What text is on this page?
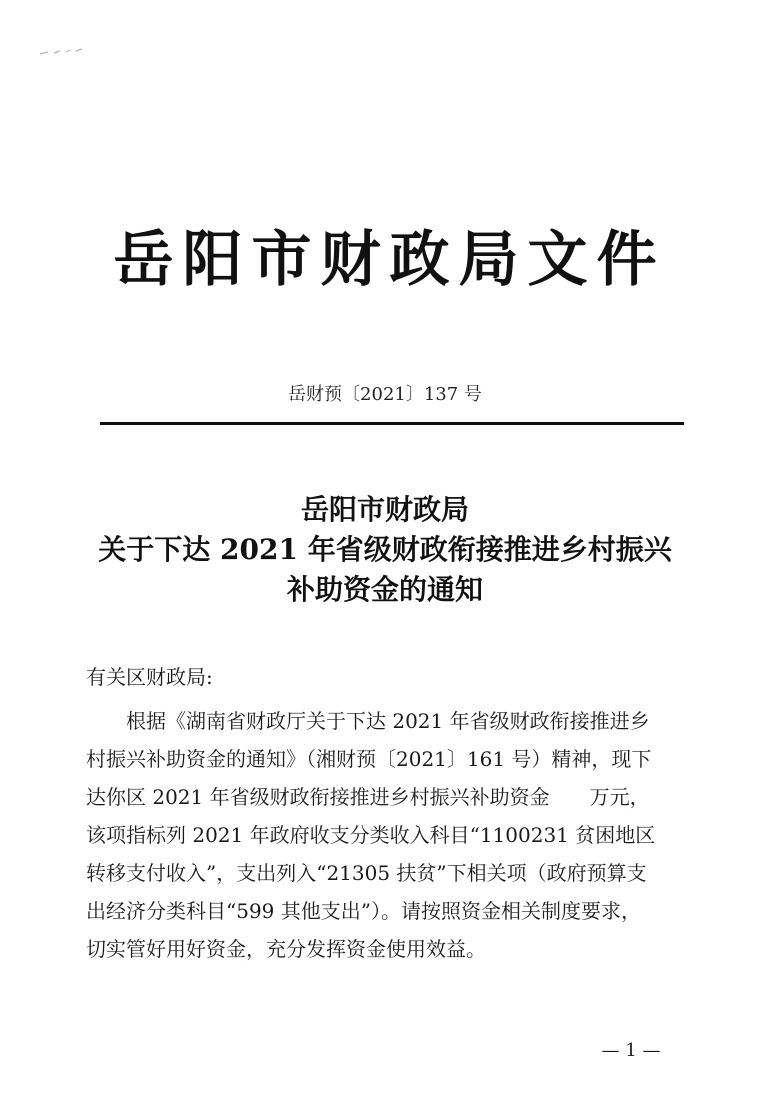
岳阳市财政局文件
岳财预〔2021〕137 号
岳阳市财政局
关于下达 2021 年省级财政衔接推进乡村振兴
补助资金的通知
有关区财政局:
　　根据《湖南省财政厅关于下达 2021 年省级财政衔接推进乡
村振兴补助资金的通知》（湘财预〔2021〕161 号）精神，现下
达你区 2021 年省级财政衔接推进乡村振兴补助资金　　万元，
该项指标列 2021 年政府收支分类收入科目“1100231 贫困地区
转移支付收入”，支出列入“21305 扶贫”下相关项（政府预算支
出经济分类科目“599 其他支出”）。请按照资金相关制度要求，
切实管好用好资金，充分发挥资金使用效益。
— 1 —
